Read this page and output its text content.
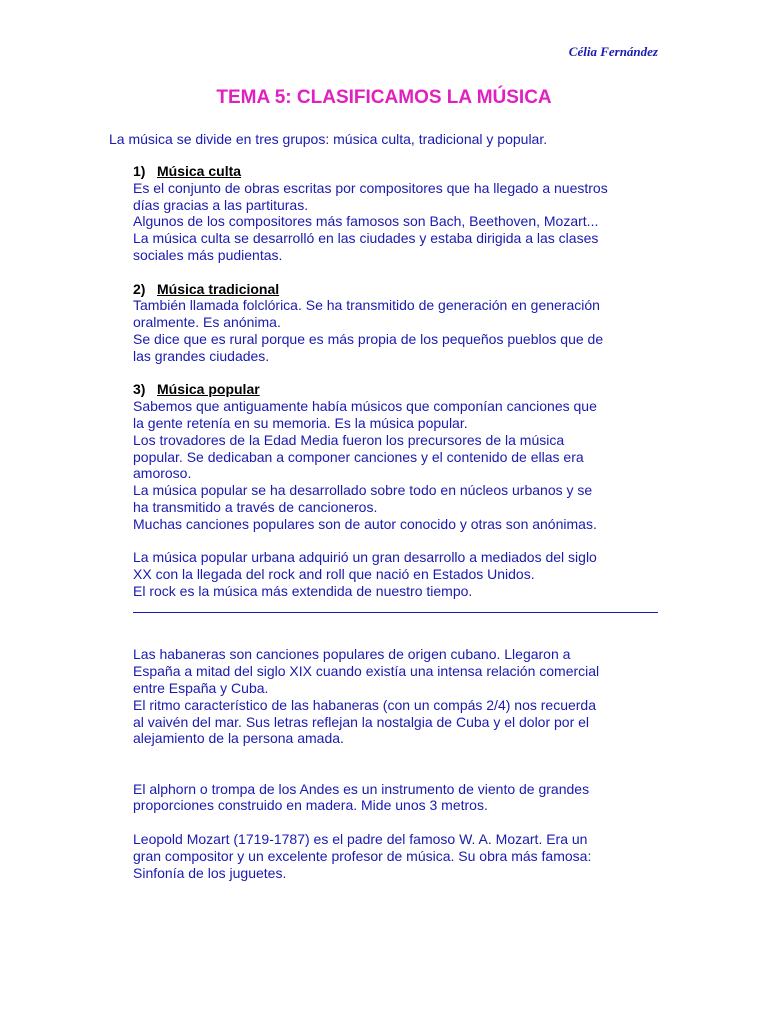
Célia Fernández
TEMA 5: CLASIFICAMOS LA MÚSICA

La música se divide en tres grupos: música culta, tradicional y popular.

1) Música culta

Es el conjunto de obras escritas por compositores que ha llegado a nuestros

días gracias a las partituras.

Algunos de los compositores más famosos son Bach, Beethoven, Mozart...

La música culta se desarrolló en las ciudades y estaba dirigida a las clases

sociales más pudientas.

2) Música tradicional

También llamada folclórica. Se ha transmitido de generación en generación

oralmente. Es anónima.

Se dice que es rural porque es más propia de los pequeños pueblos que de

las grandes ciudades.

3) Música popular

Sabemos que antiguamente había músicos que componían canciones que

la gente retenía en su memoria. Es la música popular.

Los trovadores de la Edad Media fueron los precursores de la música

popular. Se dedicaban a componer canciones y el contenido de ellas era

amoroso.

La música popular se ha desarrollado sobre todo en núcleos urbanos y se

ha transmitido a través de cancioneros.

Muchas canciones populares son de autor conocido y otras son anónimas.

La música popular urbana adquirió un gran desarrollo a mediados del siglo

XX con la llegada del rock and roll que nació en Estados Unidos.

El rock es la música más extendida de nuestro tiempo.

Las habaneras son canciones populares de origen cubano. Llegaron a

España a mitad del siglo XIX cuando existía una intensa relación comercial

entre España y Cuba.

El ritmo característico de las habaneras (con un compás 2/4) nos recuerda

al vaivén del mar. Sus letras reflejan la nostalgia de Cuba y el dolor por el

alejamiento de la persona amada.

El alphorn o trompa de los Andes es un instrumento de viento de grandes

proporciones construido en madera. Mide unos 3 metros.

Leopold Mozart (1719-1787) es el padre del famoso W. A. Mozart. Era un

gran compositor y un excelente profesor de música. Su obra más famosa:

Sinfonía de los juguetes.
